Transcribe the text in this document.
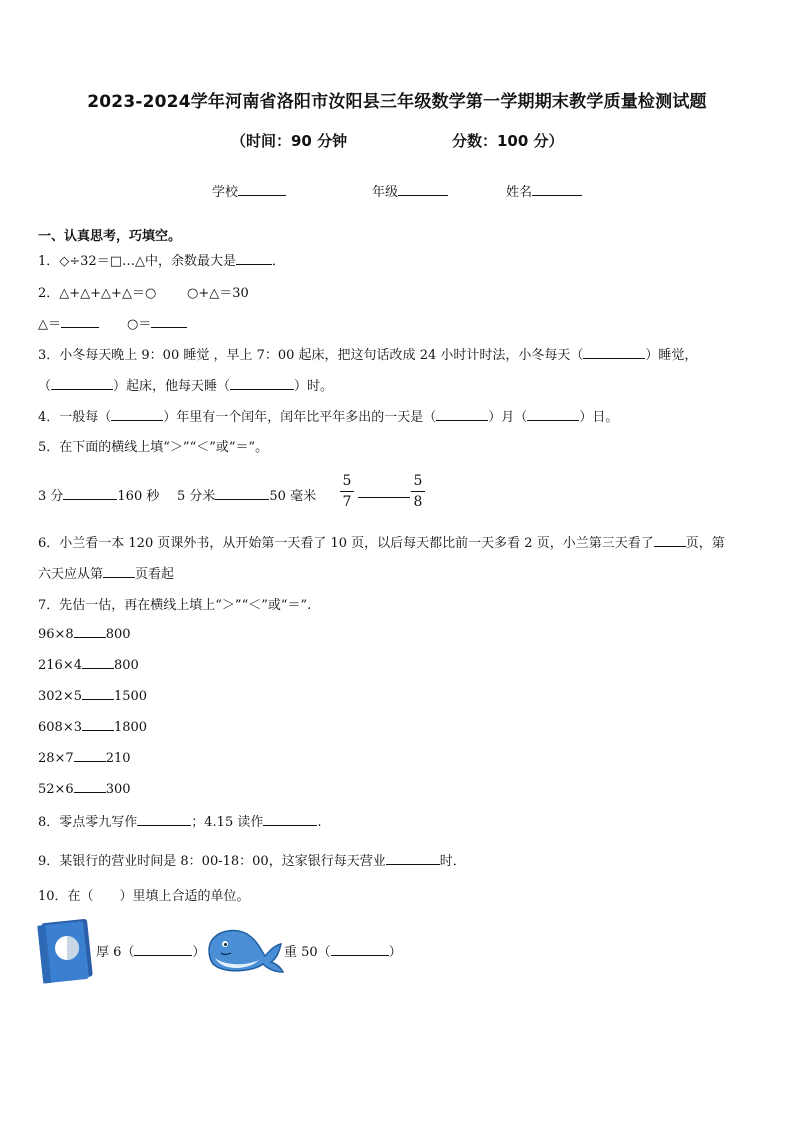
2023-2024学年河南省洛阳市汝阳县三年级数学第一学期期末教学质量检测试题
（时间：90 分钟	分数：100 分）
学校	年级	姓名
一、认真思考，巧填空。
1．◇÷32＝□…△中，余数最大是	．
2．△+△+△+△＝○ ○+△＝30
△＝	○＝
3．小冬每天晚上 9：00 睡觉 ，早上 7：00 起床，把这句话改成 24 小时计时法，小冬每天（	）睡觉，
（	）起床，他每天睡（	）时。
4．一般每（	）年里有一个闰年，闰年比平年多出的一天是（	）月（	）日。
5．在下面的横线上填“＞”“＜”或“＝”。
3 分	160 秒 5 分米	50 毫米
5
7
5
8
6．小兰看一本 120 页课外书，从开始第一天看了 10 页，以后每天都比前一天多看 2 页，小兰第三天看了 页，第
六天应从第 页看起
7．先估一估，再在横线上填上“＞”“＜”或“＝”.
96×8 800
216×4 800
302×5 1500
608×3 1800
28×7 210
52×6 300
8．零点零九写作	；4.15 读作	.
9．某银行的营业时间是 8：00-18：00，这家银行每天营业	时．
10．在（　　）里填上合适的单位。
厚 6（	）	重 50（	）
